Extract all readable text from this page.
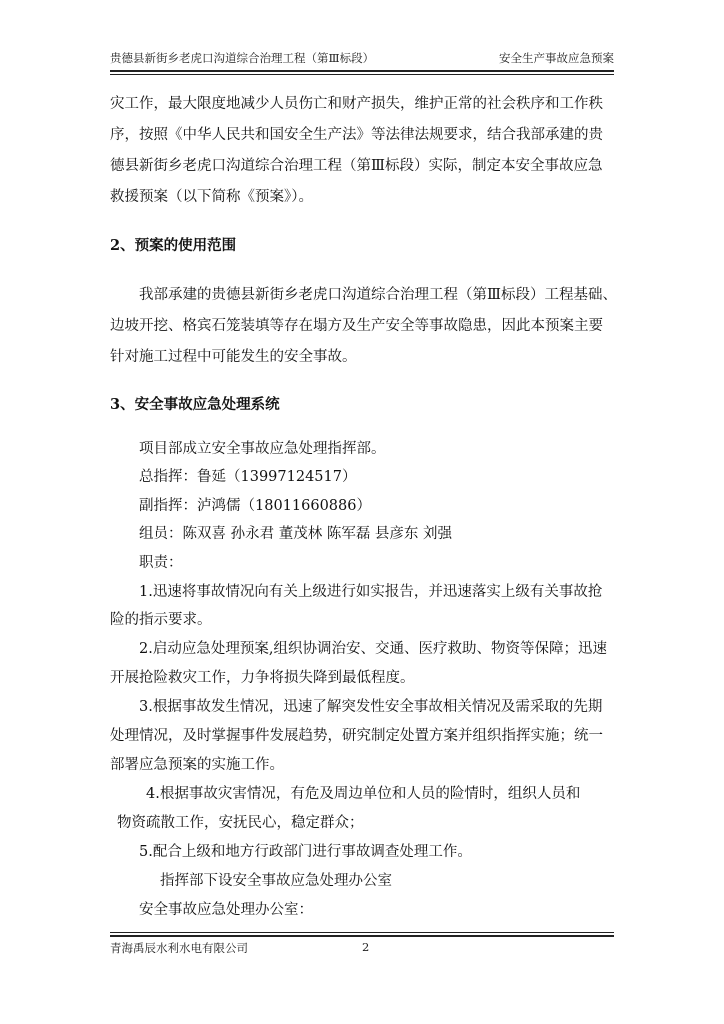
贵德县新街乡老虎口沟道综合治理工程（第Ⅲ标段）	安全生产事故应急预案
灾工作，最大限度地减少人员伤亡和财产损失，维护正常的社会秩序和工作秩
序，按照《中华人民共和国安全生产法》等法律法规要求，结合我部承建的贵
德县新街乡老虎口沟道综合治理工程（第Ⅲ标段）实际，制定本安全事故应急
救援预案（以下简称《预案》）。
2、预案的使用范围
我部承建的贵德县新街乡老虎口沟道综合治理工程（第Ⅲ标段）工程基础、
边坡开挖、格宾石笼装填等存在塌方及生产安全等事故隐患，因此本预案主要
针对施工过程中可能发生的安全事故。
3、安全事故应急处理系统
项目部成立安全事故应急处理指挥部。
总指挥：鲁延（13997124517）
副指挥：泸鸿儒（18011660886）
组员：陈双喜 孙永君 董茂林 陈军磊 县彦东 刘强
职责：
1.迅速将事故情况向有关上级进行如实报告，并迅速落实上级有关事故抢
险的指示要求。
2.启动应急处理预案,组织协调治安、交通、医疗救助、物资等保障；迅速
开展抢险救灾工作，力争将损失降到最低程度。
3.根据事故发生情况，迅速了解突发性安全事故相关情况及需采取的先期
处理情况，及时掌握事件发展趋势，研究制定处置方案并组织指挥实施；统一
部署应急预案的实施工作。
4.根据事故灾害情况，有危及周边单位和人员的险情时，组织人员和
物资疏散工作，安抚民心，稳定群众；
5.配合上级和地方行政部门进行事故调查处理工作。
指挥部下设安全事故应急处理办公室
安全事故应急处理办公室：
青海禹辰水利水电有限公司	2
